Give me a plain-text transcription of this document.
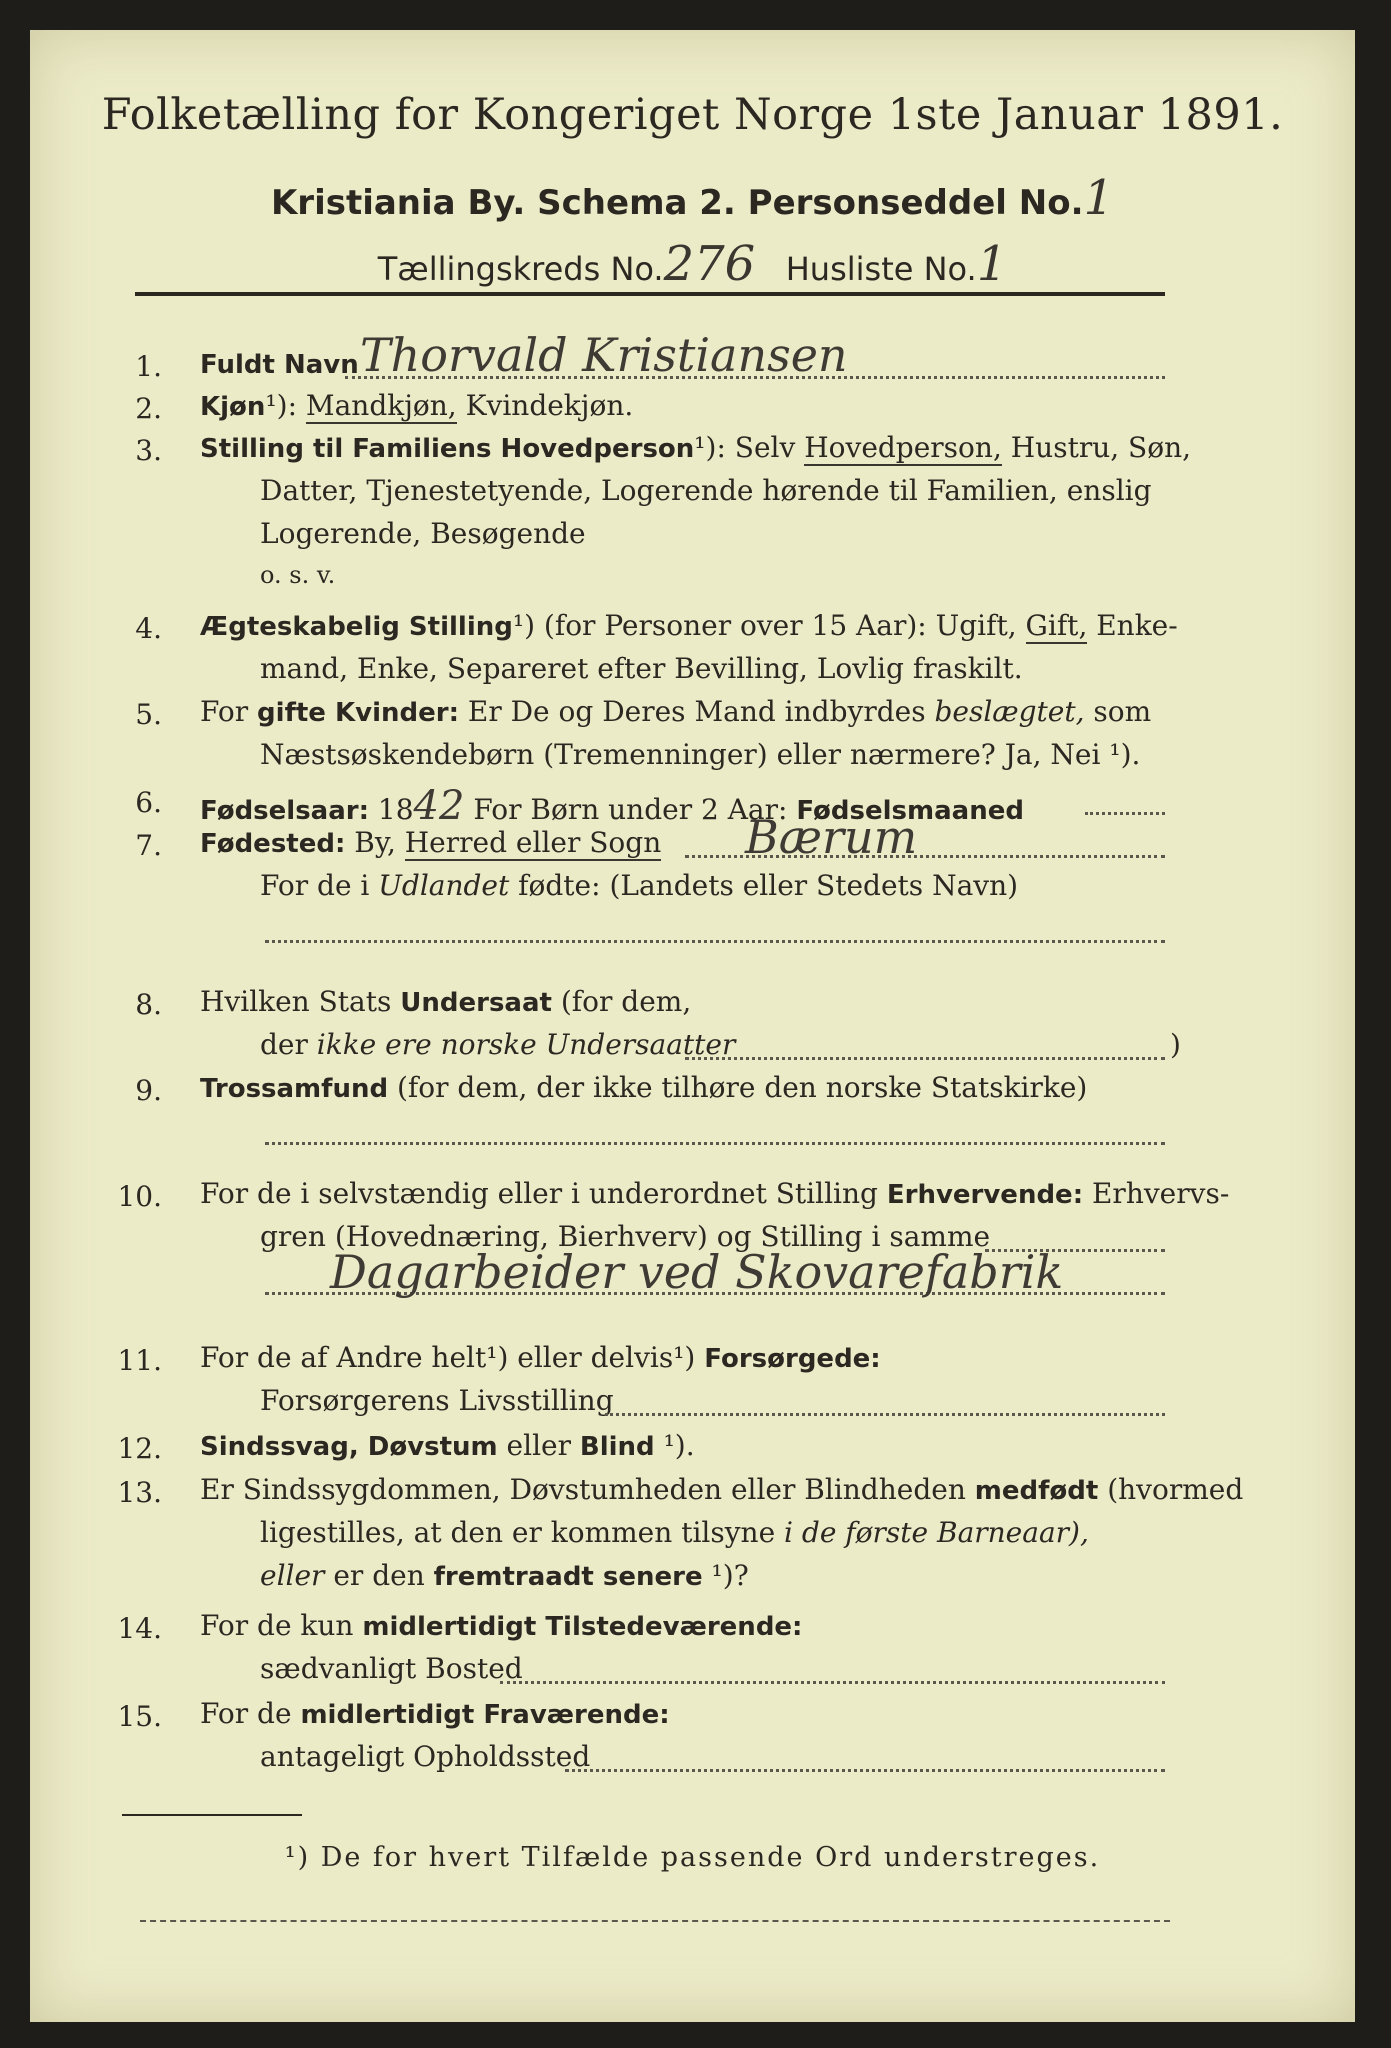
Folketælling for Kongeriget Norge 1ste Januar 1891.
Kristiania By. Schema 2. Personseddel No.1
Tællingskreds No.276 Husliste No.1
1. Fuldt Navn Thorvald Kristiansen
2. Kjøn¹): Mandkjøn, Kvindekjøn.
3. Stilling til Familiens Hovedperson¹): Selv Hovedperson, Hustru, Søn,
Datter, Tjenestetyende, Logerende hørende til Familien, enslig
Logerende, Besøgende
o. s. v.
4. Ægteskabelig Stilling¹) (for Personer over 15 Aar): Ugift, Gift, Enke-
mand, Enke, Separeret efter Bevilling, Lovlig fraskilt.
5. For gifte Kvinder: Er De og Deres Mand indbyrdes beslægtet, som
Næstsøskendebørn (Tremenninger) eller nærmere? Ja, Nei ¹).
6. Fødselsaar: 1842 For Børn under 2 Aar: Fødselsmaaned
7. Fødested: By, Herred eller Sogn Bærum
For de i Udlandet fødte: (Landets eller Stedets Navn)
8. Hvilken Stats Undersaat (for dem,
der ikke ere norske Undersaatter	)
9. Trossamfund (for dem, der ikke tilhøre den norske Statskirke)
10. For de i selvstændig eller i underordnet Stilling Erhvervende: Erhvervs-
gren (Hovednæring, Bierhverv) og Stilling i samme
Dagarbeider ved Skovarefabrik
11. For de af Andre helt¹) eller delvis¹) Forsørgede:
Forsørgerens Livsstilling
12. Sindssvag, Døvstum eller Blind ¹).
13. Er Sindssygdommen, Døvstumheden eller Blindheden medfødt (hvormed
ligestilles, at den er kommen tilsyne i de første Barneaar),
eller er den fremtraadt senere ¹)?
14. For de kun midlertidigt Tilstedeværende:
sædvanligt Bosted
15. For de midlertidigt Fraværende:
antageligt Opholdssted
¹) De for hvert Tilfælde passende Ord understreges.
